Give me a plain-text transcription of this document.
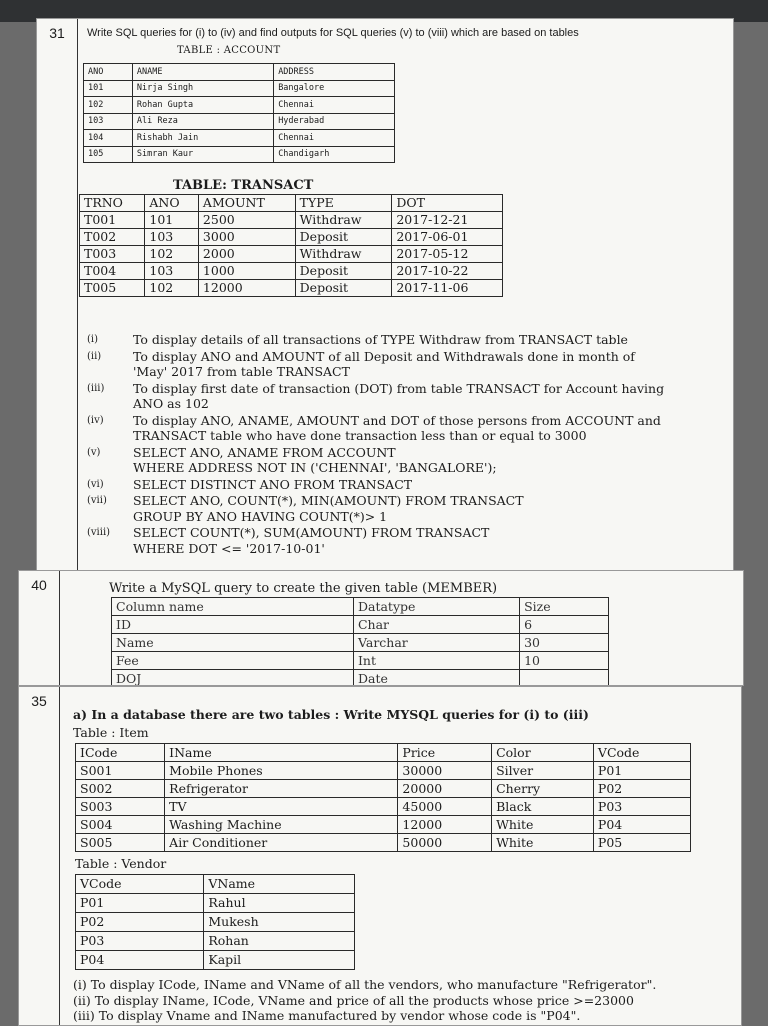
31	Write SQL queries for (i) to (iv) and find outputs for SQL queries (v) to (viii) which are based on tables
TABLE : ACCOUNT
ANO	ANAME	ADDRESS
101	Nirja Singh	Bangalore
102	Rohan Gupta	Chennai
103	Ali Reza	Hyderabad
104	Rishabh Jain	Chennai
105	Simran Kaur	Chandigarh
TABLE: TRANSACT
TRNO	ANO	AMOUNT	TYPE	DOT
T001	101	2500	Withdraw	2017-12-21
T002	103	3000	Deposit	2017-06-01
T003	102	2000	Withdraw	2017-05-12
T004	103	1000	Deposit	2017-10-22
T005	102	12000	Deposit	2017-11-06
(i)	To display details of all transactions of TYPE Withdraw from TRANSACT table
(ii)	To display ANO and AMOUNT of all Deposit and Withdrawals done in month of
'May' 2017 from table TRANSACT
(iii)	To display first date of transaction (DOT) from table TRANSACT for Account having
ANO as 102
(iv)	To display ANO, ANAME, AMOUNT and DOT of those persons from ACCOUNT and
TRANSACT table who have done transaction less than or equal to 3000
(v)	SELECT ANO, ANAME FROM ACCOUNT
WHERE ADDRESS NOT IN ('CHENNAI', 'BANGALORE');
(vi)	SELECT DISTINCT ANO FROM TRANSACT
(vii)	SELECT ANO, COUNT(*), MIN(AMOUNT) FROM TRANSACT
GROUP BY ANO HAVING COUNT(*)> 1
(viii)	SELECT COUNT(*), SUM(AMOUNT) FROM TRANSACT
WHERE DOT <= '2017-10-01'
40	Write a MySQL query to create the given table (MEMBER)
Column name	Datatype	Size
ID	Char	6
Name	Varchar	30
Fee	Int	10
DOJ	Date	
35
a) In a database there are two tables : Write MYSQL queries for (i) to (iii)
Table : Item
ICode	IName	Price	Color	VCode
S001	Mobile Phones	30000	Silver	P01
S002	Refrigerator	20000	Cherry	P02
S003	TV	45000	Black	P03
S004	Washing Machine	12000	White	P04
S005	Air Conditioner	50000	White	P05
Table : Vendor
VCode	VName
P01	Rahul
P02	Mukesh
P03	Rohan
P04	Kapil
(i) To display ICode, IName and VName of all the vendors, who manufacture "Refrigerator".
(ii) To display IName, ICode, VName and price of all the products whose price >=23000
(iii) To display Vname and IName manufactured by vendor whose code is "P04".
